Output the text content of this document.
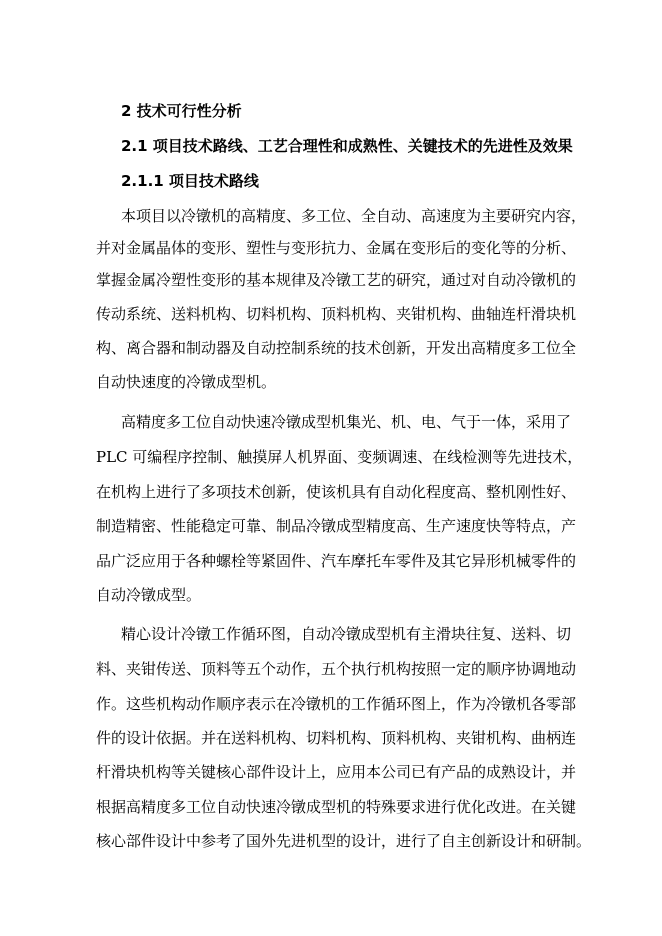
2 技术可行性分析
2.1 项目技术路线、工艺合理性和成熟性、关键技术的先进性及效果
2.1.1 项目技术路线
本项目以冷镦机的高精度、多工位、全自动、高速度为主要研究内容，
并对金属晶体的变形、塑性与变形抗力、金属在变形后的变化等的分析、
掌握金属冷塑性变形的基本规律及冷镦工艺的研究，通过对自动冷镦机的
传动系统、送料机构、切料机构、顶料机构、夹钳机构、曲轴连杆滑块机
构、离合器和制动器及自动控制系统的技术创新，开发出高精度多工位全
自动快速度的冷镦成型机。
高精度多工位自动快速冷镦成型机集光、机、电、气于一体，采用了
PLC 可编程序控制、触摸屏人机界面、变频调速、在线检测等先进技术，
在机构上进行了多项技术创新，使该机具有自动化程度高、整机刚性好、
制造精密、性能稳定可靠、制品冷镦成型精度高、生产速度快等特点，产
品广泛应用于各种螺栓等紧固件、汽车摩托车零件及其它异形机械零件的
自动冷镦成型。
精心设计冷镦工作循环图，自动冷镦成型机有主滑块往复、送料、切
料、夹钳传送、顶料等五个动作，五个执行机构按照一定的顺序协调地动
作。这些机构动作顺序表示在冷镦机的工作循环图上，作为冷镦机各零部
件的设计依据。并在送料机构、切料机构、顶料机构、夹钳机构、曲柄连
杆滑块机构等关键核心部件设计上，应用本公司已有产品的成熟设计，并
根据高精度多工位自动快速冷镦成型机的特殊要求进行优化改进。在关键
核心部件设计中参考了国外先进机型的设计，进行了自主创新设计和研制。
